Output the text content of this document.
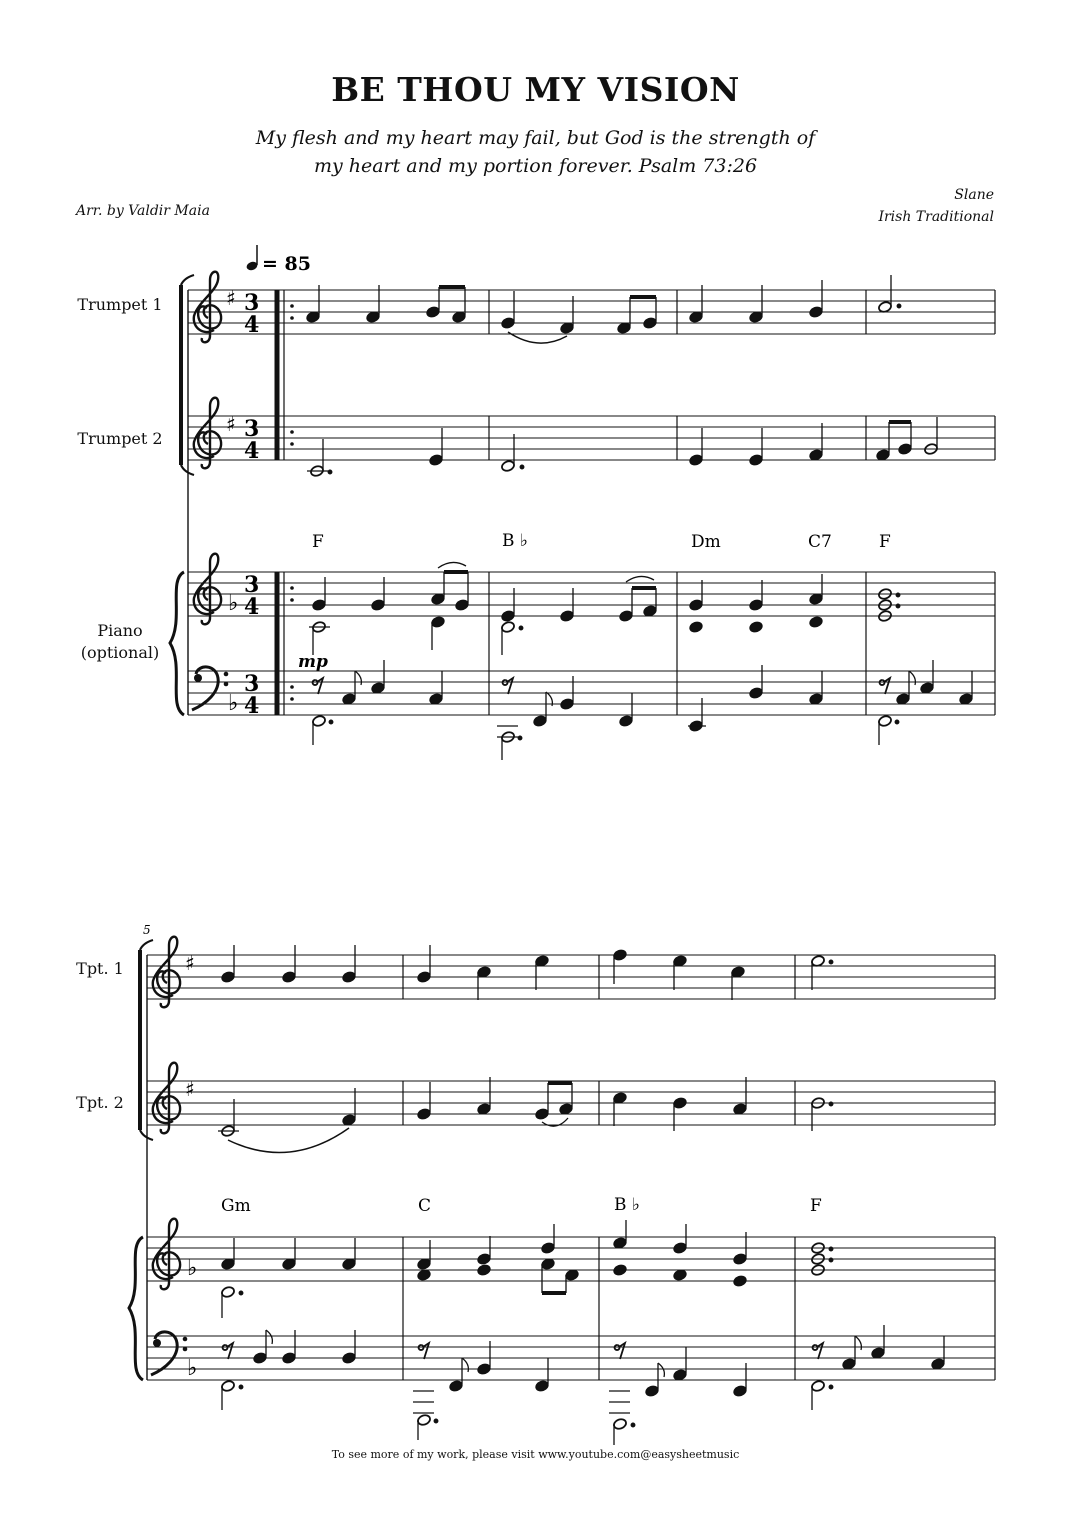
BE THOU MY VISION
My flesh and my heart may fail, but God is the strength of
my heart and my portion forever. Psalm 73:26
Arr. by Valdir Maia
Slane
Irish Traditional
Trumpet 1
Trumpet 2
Piano
(optional)
Tpt. 1
Tpt. 2
= 85
♯
♯
♭
♭
3
4
3
4
3
4
3
4
F	B ♭	Dm	C7	F
mp
5
♯
♯
♭
♭
Gm	C	B ♭	F
To see more of my work, please visit www.youtube.com@easysheetmusic
